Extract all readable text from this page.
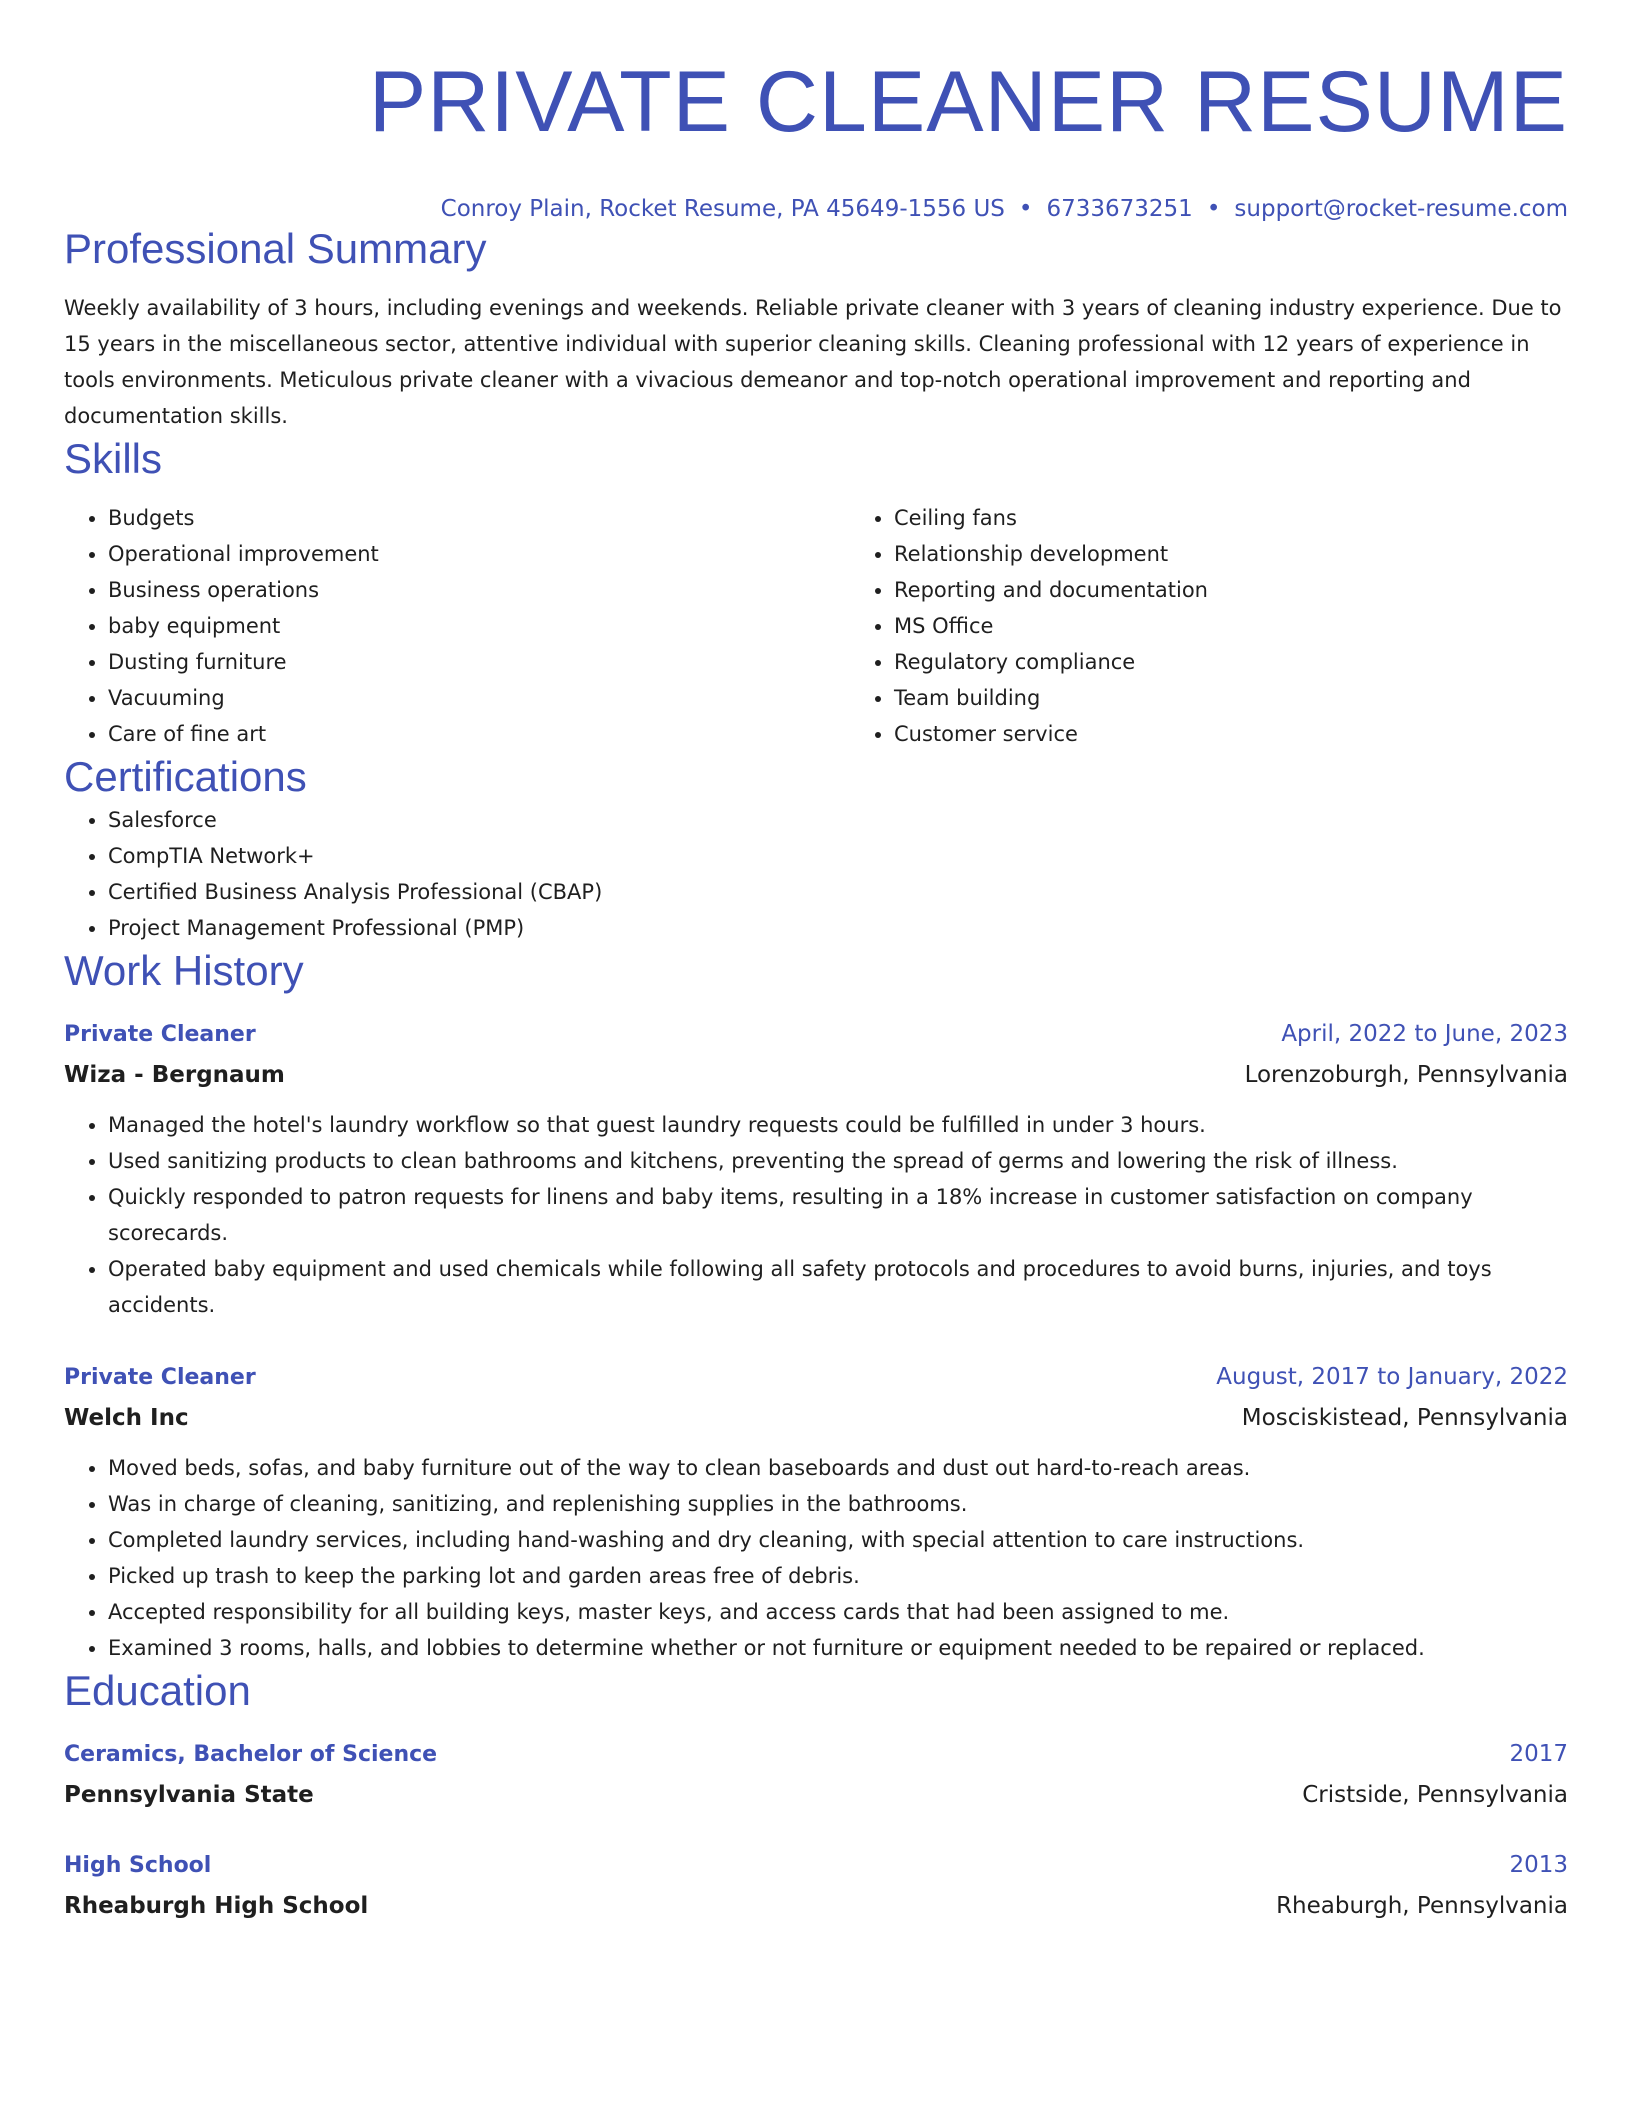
PRIVATE CLEANER RESUME
Conroy Plain, Rocket Resume, PA 45649-1556 US • 6733673251 • support@rocket-resume.com
Professional Summary
Weekly availability of 3 hours, including evenings and weekends. Reliable private cleaner with 3 years of cleaning industry experience. Due to 15 years in the miscellaneous sector, attentive individual with superior cleaning skills. Cleaning professional with 12 years of experience in tools environments. Meticulous private cleaner with a vivacious demeanor and top-notch operational improvement and reporting and documentation skills.
Skills
• Budgets
• Operational improvement
• Business operations
• baby equipment
• Dusting furniture
• Vacuuming
• Care of fine art
• Ceiling fans
• Relationship development
• Reporting and documentation
• MS Office
• Regulatory compliance
• Team building
• Customer service
Certifications
• Salesforce
• CompTIA Network+
• Certified Business Analysis Professional (CBAP)
• Project Management Professional (PMP)
Work History
Private Cleaner	April, 2022 to June, 2023
Wiza - Bergnaum	Lorenzoburgh, Pennsylvania
• Managed the hotel's laundry workflow so that guest laundry requests could be fulfilled in under 3 hours.
• Used sanitizing products to clean bathrooms and kitchens, preventing the spread of germs and lowering the risk of illness.
• Quickly responded to patron requests for linens and baby items, resulting in a 18% increase in customer satisfaction on company scorecards.
• Operated baby equipment and used chemicals while following all safety protocols and procedures to avoid burns, injuries, and toys accidents.
Private Cleaner	August, 2017 to January, 2022
Welch Inc	Mosciskistead, Pennsylvania
• Moved beds, sofas, and baby furniture out of the way to clean baseboards and dust out hard-to-reach areas.
• Was in charge of cleaning, sanitizing, and replenishing supplies in the bathrooms.
• Completed laundry services, including hand-washing and dry cleaning, with special attention to care instructions.
• Picked up trash to keep the parking lot and garden areas free of debris.
• Accepted responsibility for all building keys, master keys, and access cards that had been assigned to me.
• Examined 3 rooms, halls, and lobbies to determine whether or not furniture or equipment needed to be repaired or replaced.
Education
Ceramics, Bachelor of Science	2017
Pennsylvania State	Cristside, Pennsylvania
High School	2013
Rheaburgh High School	Rheaburgh, Pennsylvania
